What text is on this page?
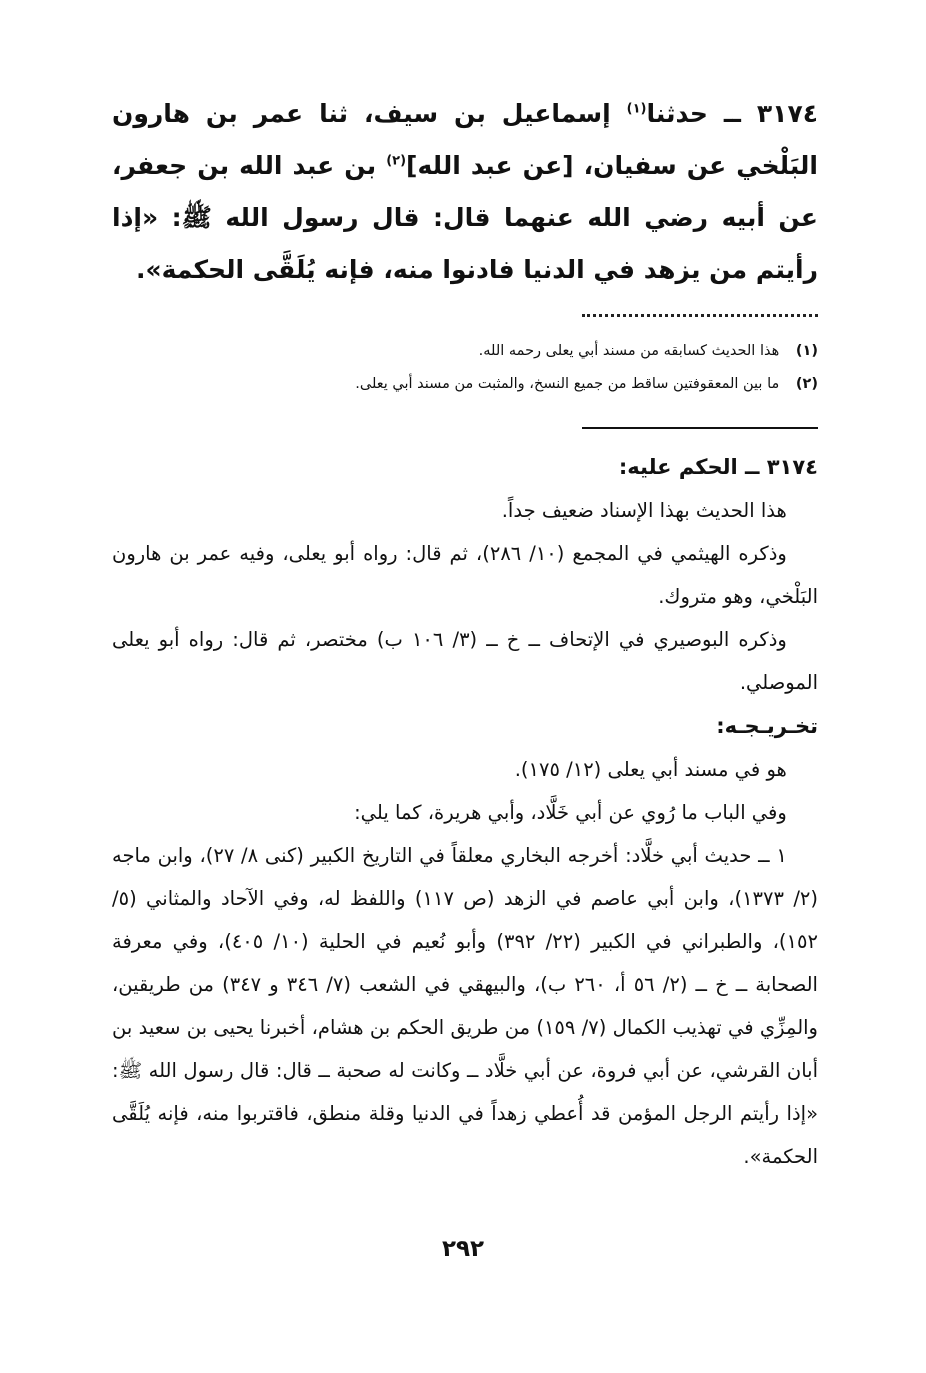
٣١٧٤ ــ حدثنا$^{(١)}$ إسماعيل بن سيف، ثنا عمر بن هارون البَلْخي عن سفيان، [عن عبد الله]$^{(٢)}$ بن عبد الله بن جعفر، عن أبيه رضي الله عنهما قال: قال رسول الله ﷺ: «إذا رأيتم من يزهد في الدنيا فادنوا منه، فإنه يُلَقَّى الحكمة».

(١) هذا الحديث كسابقه من مسند أبي يعلى رحمه الله.

(٢) ما بين المعقوفتين ساقط من جميع النسخ، والمثبت من مسند أبي يعلى.

٣١٧٤ ــ الحكم عليه:

هذا الحديث بهذا الإسناد ضعيف جداً.

وذكره الهيثمي في المجمع (١٠/ ٢٨٦)، ثم قال: رواه أبو يعلى، وفيه عمر بن هارون البَلْخي، وهو متروك.

وذكره البوصيري في الإتحاف ــ خ ــ (٣/ ١٠٦ ب) مختصر، ثم قال: رواه أبو يعلى الموصلي.

تخـريـجـه:

هو في مسند أبي يعلى (١٢/ ١٧٥).

وفي الباب ما رُوي عن أبي خَلَّاد، وأبي هريرة، كما يلي:

١ ــ حديث أبي خلَّاد: أخرجه البخاري معلقاً في التاريخ الكبير (كنى ٨/ ٢٧)، وابن ماجه (٢/ ١٣٧٣)، وابن أبي عاصم في الزهد (ص ١١٧) واللفظ له، وفي الآحاد والمثاني (٥/ ١٥٢)، والطبراني في الكبير (٢٢/ ٣٩٢) وأبو نُعيم في الحلية (١٠/ ٤٠٥)، وفي معرفة الصحابة ــ خ ــ (٢/ ٥٦ أ، ٢٦٠ ب)، والبيهقي في الشعب (٧/ ٣٤٦ و ٣٤٧) من طريقين، والمِزِّي في تهذيب الكمال (٧/ ١٥٩) من طريق الحكم بن هشام، أخبرنا يحيى بن سعيد بن أبان القرشي، عن أبي فروة، عن أبي خلَّاد ــ وكانت له صحبة ــ قال: قال رسول الله ﷺ: «إذا رأيتم الرجل المؤمن قد أُعطي زهداً في الدنيا وقلة منطق، فاقتربوا منه، فإنه يُلَقَّى الحكمة».

٢٩٢
